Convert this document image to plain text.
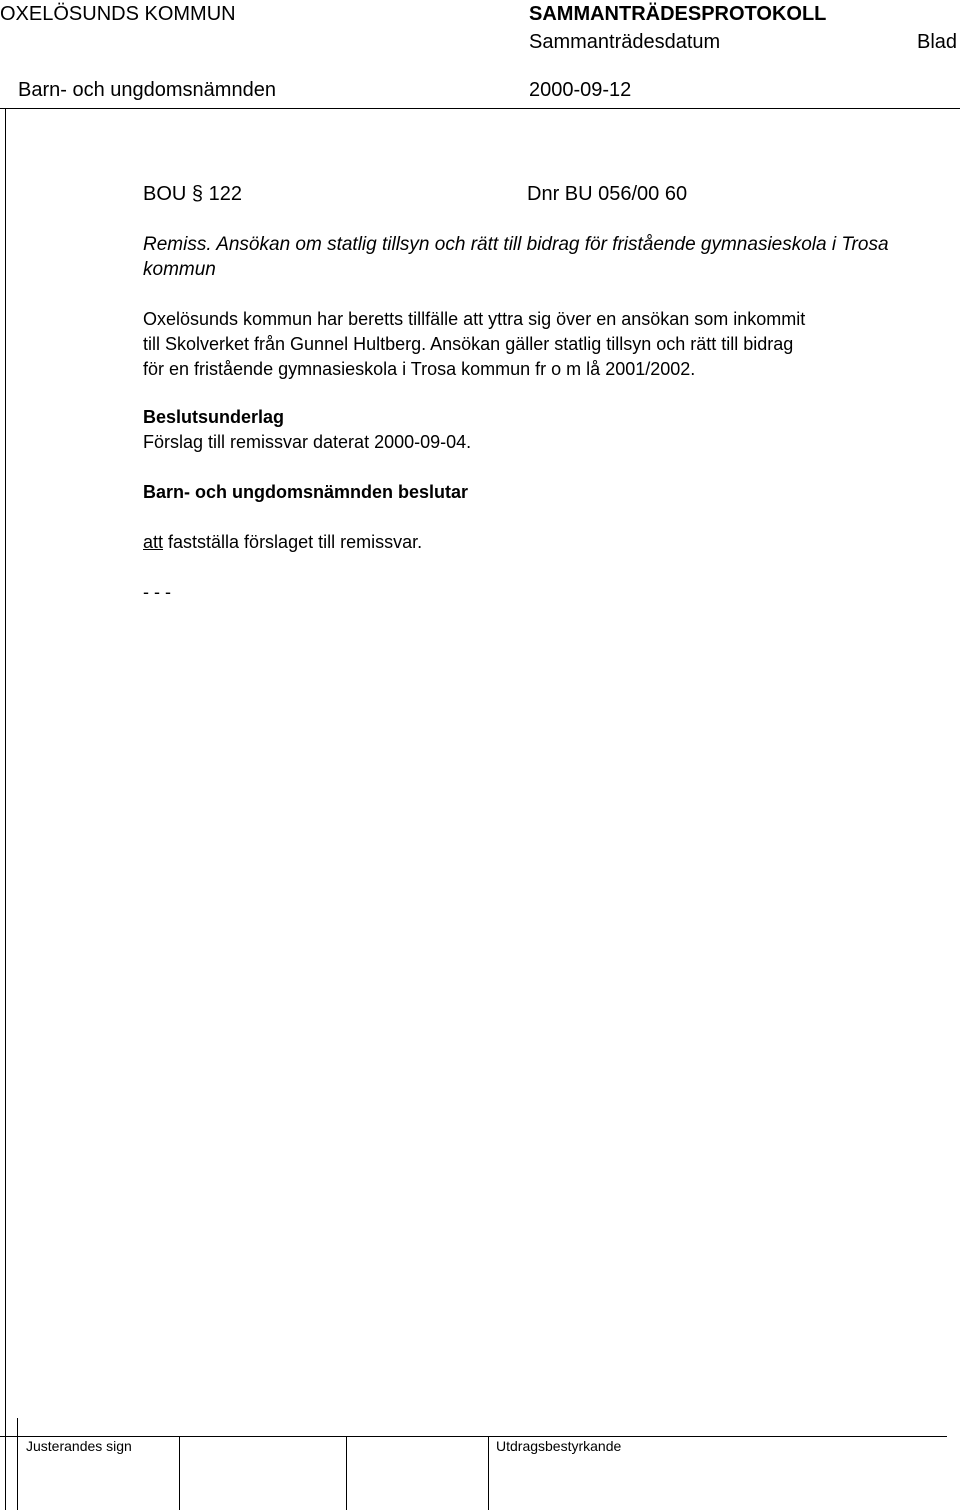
OXELÖSUNDS KOMMUN	SAMMANTRÄDESPROTOKOLL
Sammanträdesdatum	Blad
Barn- och ungdomsnämnden	2000-09-12
BOU § 122	Dnr BU 056/00 60
Remiss. Ansökan om statlig tillsyn och rätt till bidrag för fristående gymnasieskola i Trosa kommun

Oxelösunds kommun har beretts tillfälle att yttra sig över en ansökan som inkommit

till Skolverket från Gunnel Hultberg. Ansökan gäller statlig tillsyn och rätt till bidrag

för en fristående gymnasieskola i Trosa kommun fr o m lå 2001/2002.

Beslutsunderlag
Förslag till remissvar daterat 2000-09-04.
Barn- och ungdomsnämnden beslutar
att fastställa förslaget till remissvar.
- - -
Justerandes sign	Utdragsbestyrkande
